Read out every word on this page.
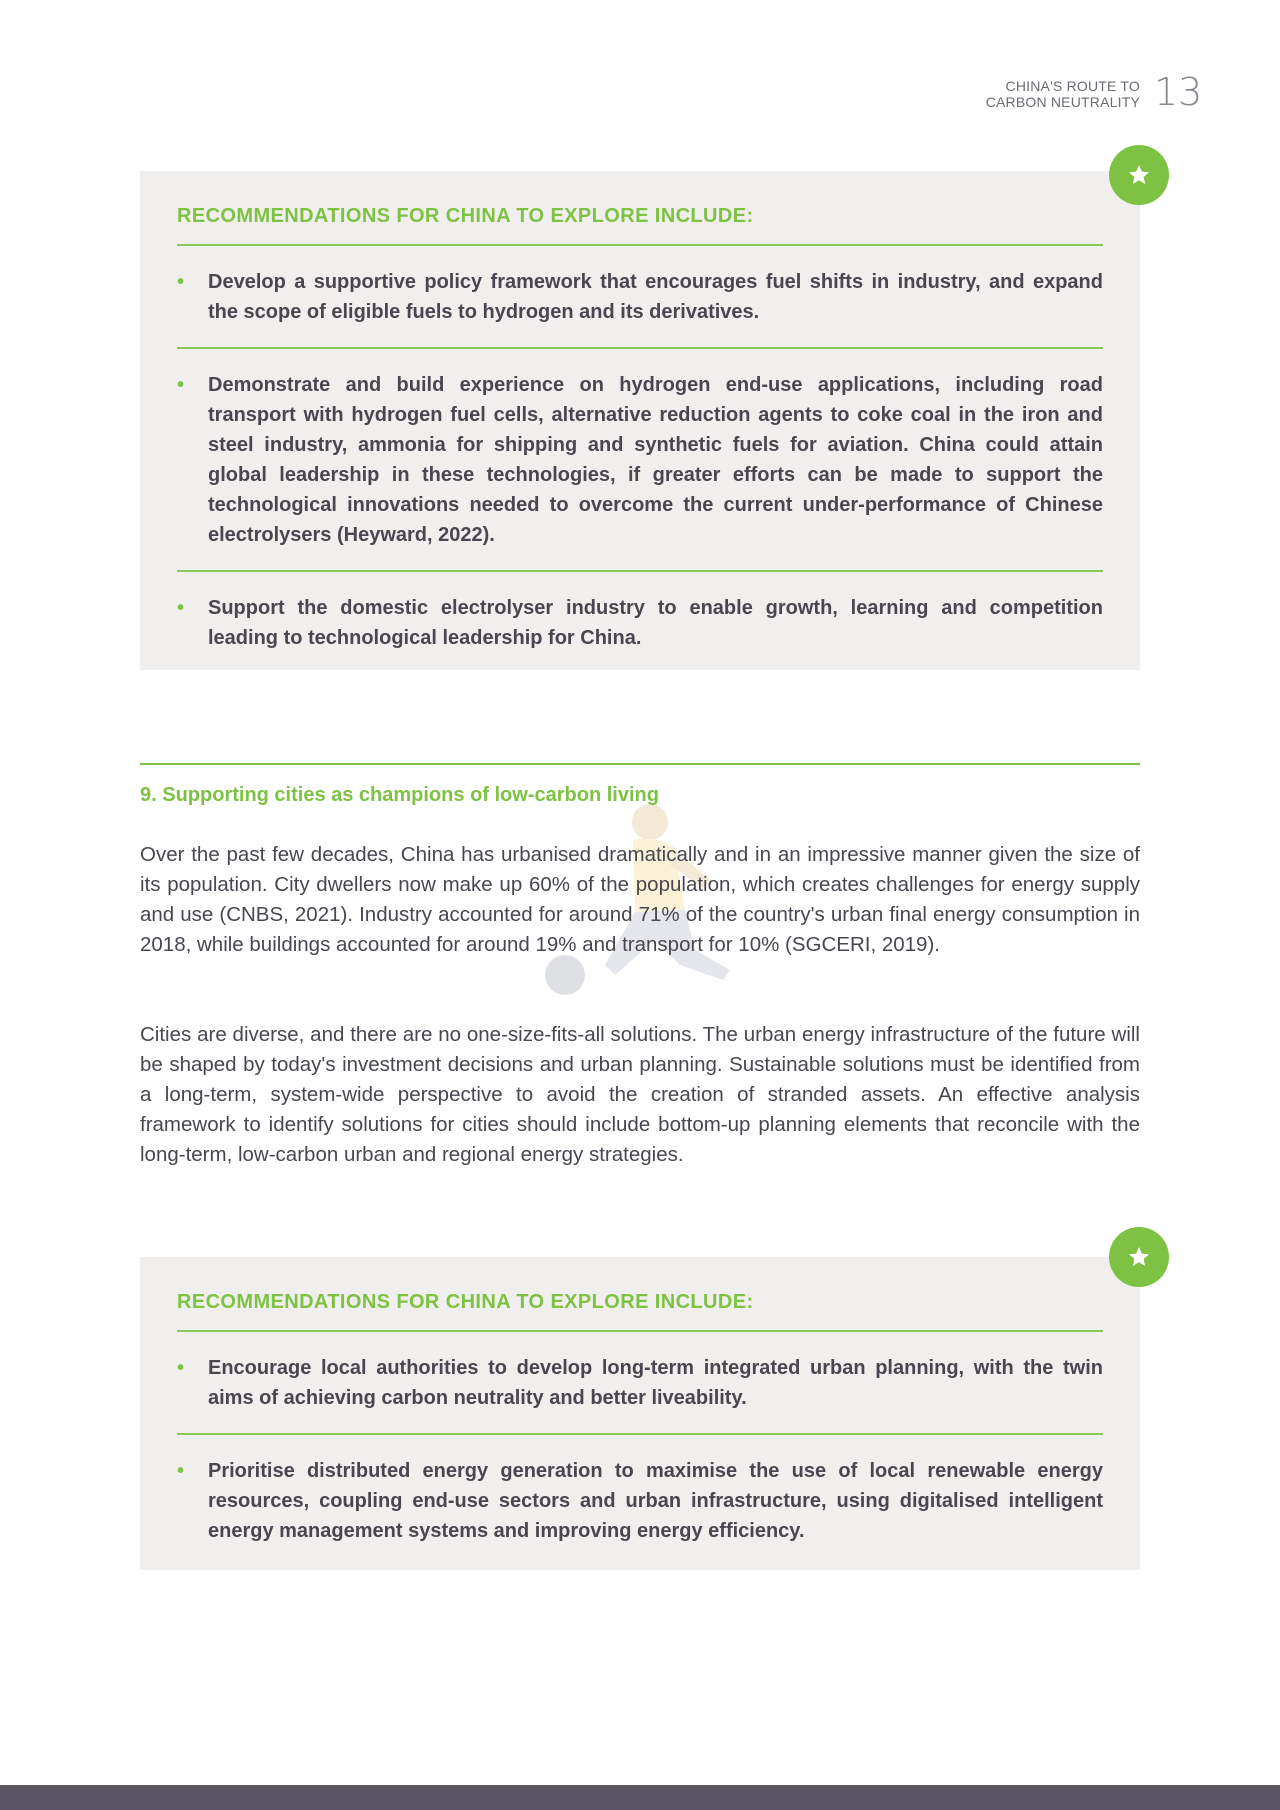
CHINA'S ROUTE TO
CARBON NEUTRALITY 13
RECOMMENDATIONS FOR CHINA TO EXPLORE INCLUDE:
• Develop a supportive policy framework that encourages fuel shifts in industry, and expand the scope of eligible fuels to hydrogen and its derivatives.
• Demonstrate and build experience on hydrogen end-use applications, including road transport with hydrogen fuel cells, alternative reduction agents to coke coal in the iron and steel industry, ammonia for shipping and synthetic fuels for aviation. China could attain global leadership in these technologies, if greater efforts can be made to support the technological innovations needed to overcome the current under-performance of Chinese electrolysers (Heyward, 2022).
• Support the domestic electrolyser industry to enable growth, learning and competition leading to technological leadership for China.
9. Supporting cities as champions of low-carbon living
Over the past few decades, China has urbanised dramatically and in an impressive manner given the size of its population. City dwellers now make up 60% of the population, which creates challenges for energy supply and use (CNBS, 2021). Industry accounted for around 71% of the country's urban final energy consumption in 2018, while buildings accounted for around 19% and transport for 10% (SGCERI, 2019).
Cities are diverse, and there are no one-size-fits-all solutions. The urban energy infrastructure of the future will be shaped by today's investment decisions and urban planning. Sustainable solutions must be identified from a long-term, system-wide perspective to avoid the creation of stranded assets. An effective analysis framework to identify solutions for cities should include bottom-up planning elements that reconcile with the long-term, low-carbon urban and regional energy strategies.
RECOMMENDATIONS FOR CHINA TO EXPLORE INCLUDE:
• Encourage local authorities to develop long-term integrated urban planning, with the twin aims of achieving carbon neutrality and better liveability.
• Prioritise distributed energy generation to maximise the use of local renewable energy resources, coupling end-use sectors and urban infrastructure, using digitalised intelligent energy management systems and improving energy efficiency.
